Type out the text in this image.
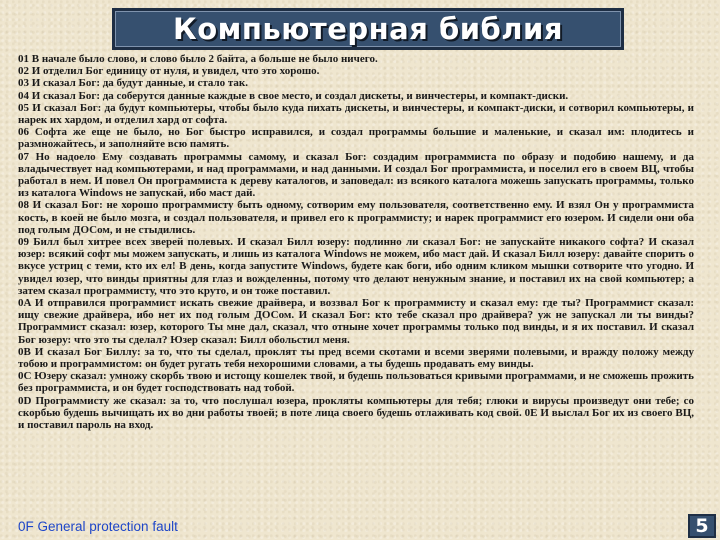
Компьютерная библия

01 В начале было слово, и слово было 2 байта, а больше не было ничего.

02 И отделил Бог единицу от нуля, и увидел, что это хорошо.

03 И сказал Бог: да будут данные, и стало так.

04 И сказал Бог: да соберутся данные каждые в свое место, и создал дискеты, и винчестеры, и компакт-диски.

05 И сказал Бог: да будут компьютеры, чтобы было куда пихать дискеты, и винчестеры, и компакт-диски, и сотворил компьютеры, и нарек их хардом, и отделил хард от софта.

06 Софта же еще не было, но Бог быстро исправился, и создал программы большие и маленькие, и сказал им: плодитесь и размножайтесь, и заполняйте всю память.

07 Но надоело Ему создавать программы самому, и сказал Бог: создадим программиста по образу и подобию нашему, и да владычествует над компьютерами, и над программами, и над данными. И создал Бог программиста, и поселил его в своем ВЦ, чтобы работал в нем. И повел Он программиста к дереву каталогов, и заповедал: из всякого каталога можешь запускать программы, только из каталога Windows не запускай, ибо маст дай.

08 И сказал Бог: не хорошо программисту быть одному, сотворим ему пользователя, соответственно ему. И взял Он у программиста кость, в коей не было мозга, и создал пользователя, и привел его к программисту; и нарек программист его юзером. И сидели они оба под голым ДОСом, и не стыдились.

09 Билл был хитрее всех зверей полевых. И сказал Билл юзеру: подлинно ли сказал Бог: не запускайте никакого софта? И сказал юзер: всякий софт мы можем запускать, и лишь из каталога Windows не можем, ибо маст дай. И сказал Билл юзеру: давайте спорить о вкусе устриц с теми, кто их ел! В день, когда запустите Windows, будете как боги, ибо одним кликом мышки сотворите что угодно. И увидел юзер, что винды приятны для глаз и вожделенны, потому что делают ненужным знание, и поставил их на свой компьютер; а затем сказал программисту, что это круто, и он тоже поставил.

0A И отправился программист искать свежие драйвера, и воззвал Бог к программисту и сказал ему: где ты? Программист сказал: ищу свежие драйвера, ибо нет их под голым ДОСом. И сказал Бог: кто тебе сказал про драйвера? уж не запускал ли ты винды? Программист сказал: юзер, которого Ты мне дал, сказал, что отныне хочет программы только под винды, и я их поставил. И сказал Бог юзеру: что это ты сделал? Юзер сказал: Билл обольстил меня.

0B И сказал Бог Биллу: за то, что ты сделал, проклят ты пред всеми скотами и всеми зверями полевыми, и вражду положу между тобою и программистом: он будет ругать тебя нехорошими словами, а ты будешь продавать ему винды.

0C Юзеру сказал: умножу скорбь твою и истощу кошелек твой, и будешь пользоваться кривыми программами, и не сможешь прожить без программиста, и он будет господствовать над тобой.

0D Программисту же сказал: за то, что послушал юзера, прокляты компьютеры для тебя; глюки и вирусы произведут они тебе; со скорбью будешь вычищать их во дни работы твоей; в поте лица своего будешь отлаживать код свой. 0E И выслал Бог их из своего ВЦ, и поставил пароль на вход.

0F General protection fault	5
